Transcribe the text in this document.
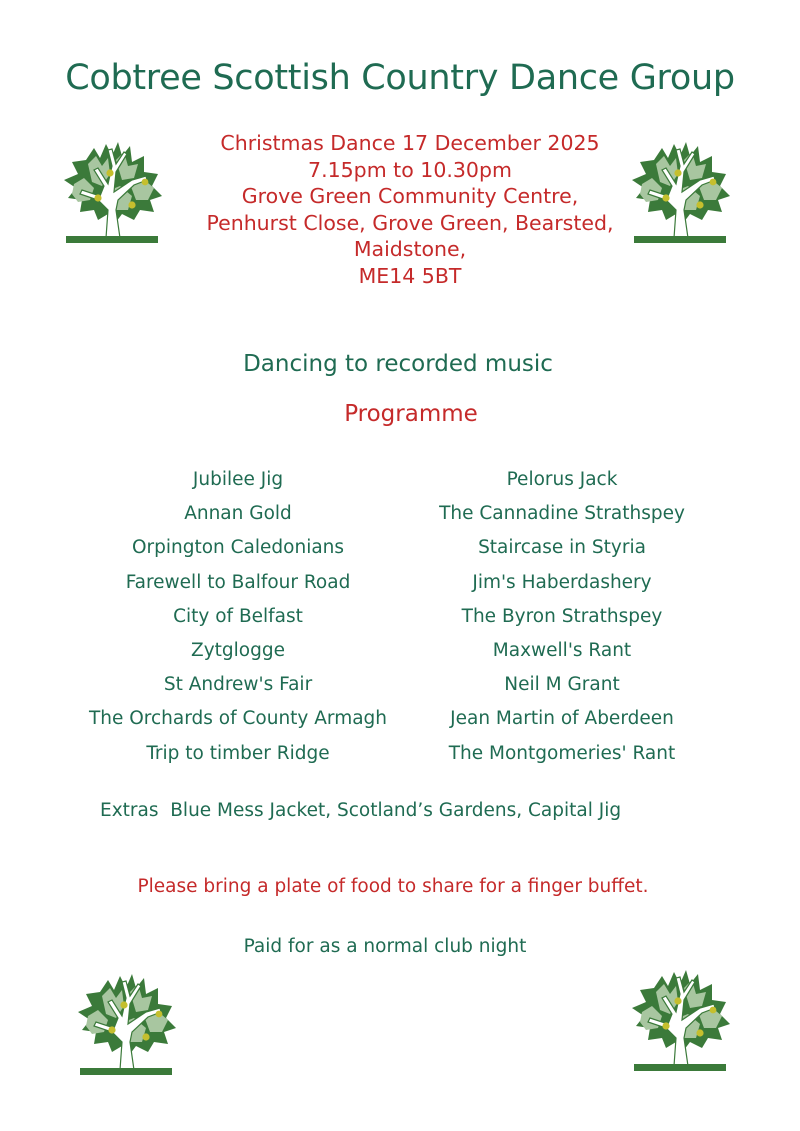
Cobtree Scottish Country Dance Group
Christmas Dance 17 December 2025
7.15pm to 10.30pm
Grove Green Community Centre,
Penhurst Close, Grove Green, Bearsted,
Maidstone,
ME14 5BT
Dancing to recorded music
Programme
Jubilee Jig
Annan Gold
Orpington Caledonians
Farewell to Balfour Road
City of Belfast
Zytglogge
St Andrew's Fair
The Orchards of County Armagh
Trip to timber Ridge
Pelorus Jack
The Cannadine Strathspey
Staircase in Styria
Jim's Haberdashery
The Byron Strathspey
Maxwell's Rant
Neil M Grant
Jean Martin of Aberdeen
The Montgomeries' Rant
Extras  Blue Mess Jacket, Scotland’s Gardens, Capital Jig
Please bring a plate of food to share for a finger buffet.
Paid for as a normal club night
